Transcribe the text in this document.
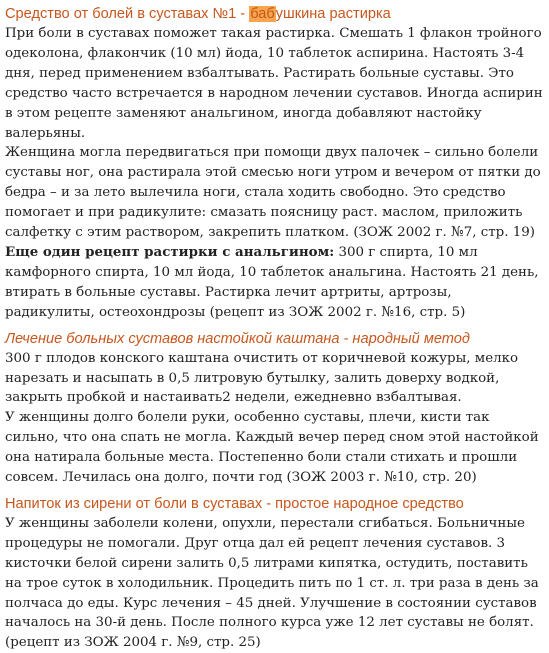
Средство от болей в суставах №1 - бабушкина растирка

При боли в суставах поможет такая растирка. Смешать 1 флакон тройного одеколона, флакончик (10 мл) йода, 10 таблеток аспирина. Настоять 3-4 дня, перед применением взбалтывать. Растирать больные суставы. Это средство часто встречается в народном лечении суставов. Иногда аспирин в этом рецепте заменяют анальгином, иногда добавляют настойку валерьяны.

Женщина могла передвигаться при помощи двух палочек – сильно болели суставы ног, она растирала этой смесью ноги утром и вечером от пятки до бедра – и за лето вылечила ноги, стала ходить свободно. Это средство помогает и при радикулите: смазать поясницу раст. маслом, приложить салфетку с этим раствором, закрепить платком. (ЗОЖ 2002 г. №7, стр. 19)

Еще один рецепт растирки с анальгином: 300 г спирта, 10 мл камфорного спирта, 10 мл йода, 10 таблеток анальгина. Настоять 21 день, втирать в больные суставы. Растирка лечит артриты, артрозы, радикулиты, остеохондрозы (рецепт из ЗОЖ 2002 г. №16, стр. 5)

Лечение больных суставов настойкой каштана - народный метод

300 г плодов конского каштана очистить от коричневой кожуры, мелко нарезать и насыпать в 0,5 литровую бутылку, залить доверху водкой, закрыть пробкой и настаивать2 недели, ежедневно взбалтывая.

У женщины долго болели руки, особенно суставы, плечи, кисти так сильно, что она спать не могла. Каждый вечер перед сном этой настойкой она натирала больные места. Постепенно боли стали стихать и прошли совсем. Лечилась она долго, почти год (ЗОЖ 2003 г. №10, стр. 20)

Напиток из сирени от боли в суставах - простое народное средство

У женщины заболели колени, опухли, перестали сгибаться. Больничные процедуры не помогали. Друг отца дал ей рецепт лечения суставов. 3 кисточки белой сирени залить 0,5 литрами кипятка, остудить, поставить на трое суток в холодильник. Процедить пить по 1 ст. л. три раза в день за полчаса до еды. Курс лечения – 45 дней. Улучшение в состоянии суставов началось на 30-й день. После полного курса уже 12 лет суставы не болят. (рецепт из ЗОЖ 2004 г. №9, стр. 25)
